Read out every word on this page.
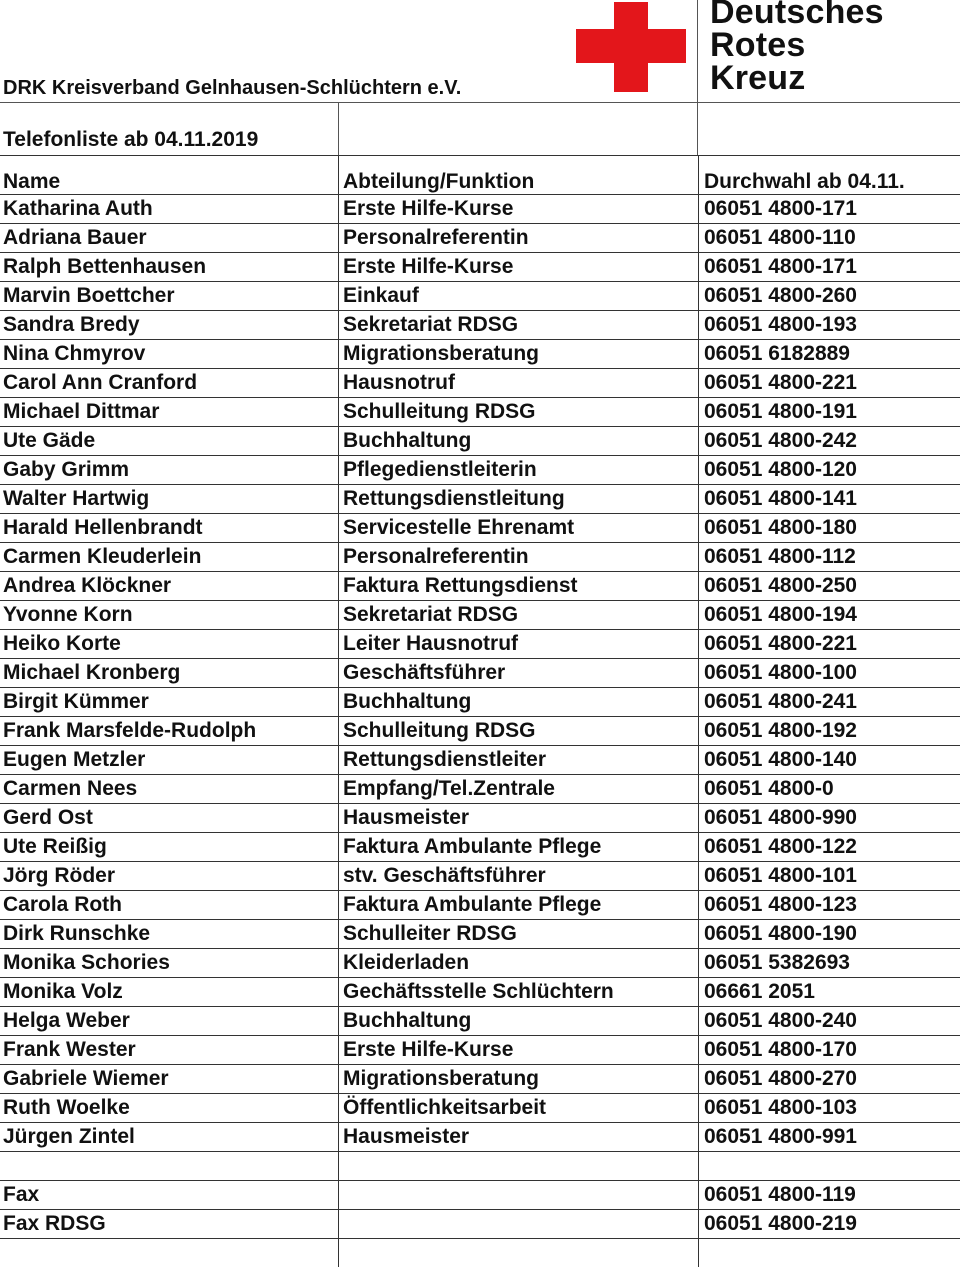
Deutsches
Rotes
Kreuz
DRK Kreisverband Gelnhausen-Schlüchtern e.V.
Telefonliste ab 04.11.2019
Name	Abteilung/Funktion	Durchwahl ab 04.11.
Katharina Auth	Erste Hilfe-Kurse	06051 4800-171
Adriana Bauer	Personalreferentin	06051 4800-110
Ralph Bettenhausen	Erste Hilfe-Kurse	06051 4800-171
Marvin Boettcher	Einkauf	06051 4800-260
Sandra Bredy	Sekretariat RDSG	06051 4800-193
Nina Chmyrov	Migrationsberatung	06051 6182889
Carol Ann Cranford	Hausnotruf	06051 4800-221
Michael Dittmar	Schulleitung RDSG	06051 4800-191
Ute Gäde	Buchhaltung	06051 4800-242
Gaby Grimm	Pflegedienstleiterin	06051 4800-120
Walter Hartwig	Rettungsdienstleitung	06051 4800-141
Harald Hellenbrandt	Servicestelle Ehrenamt	06051 4800-180
Carmen Kleuderlein	Personalreferentin	06051 4800-112
Andrea Klöckner	Faktura Rettungsdienst	06051 4800-250
Yvonne Korn	Sekretariat RDSG	06051 4800-194
Heiko Korte	Leiter Hausnotruf	06051 4800-221
Michael Kronberg	Geschäftsführer	06051 4800-100
Birgit Kümmer	Buchhaltung	06051 4800-241
Frank Marsfelde-Rudolph	Schulleitung RDSG	06051 4800-192
Eugen Metzler	Rettungsdienstleiter	06051 4800-140
Carmen Nees	Empfang/Tel.Zentrale	06051 4800-0
Gerd Ost	Hausmeister	06051 4800-990
Ute Reißig	Faktura Ambulante Pflege	06051 4800-122
Jörg Röder	stv. Geschäftsführer	06051 4800-101
Carola Roth	Faktura Ambulante Pflege	06051 4800-123
Dirk Runschke	Schulleiter RDSG	06051 4800-190
Monika Schories	Kleiderladen	06051 5382693
Monika Volz	Gechäftsstelle Schlüchtern	06661 2051
Helga Weber	Buchhaltung	06051 4800-240
Frank Wester	Erste Hilfe-Kurse	06051 4800-170
Gabriele Wiemer	Migrationsberatung	06051 4800-270
Ruth Woelke	Öffentlichkeitsarbeit	06051 4800-103
Jürgen Zintel	Hausmeister	06051 4800-991

Fax		06051 4800-119
Fax RDSG		06051 4800-219
